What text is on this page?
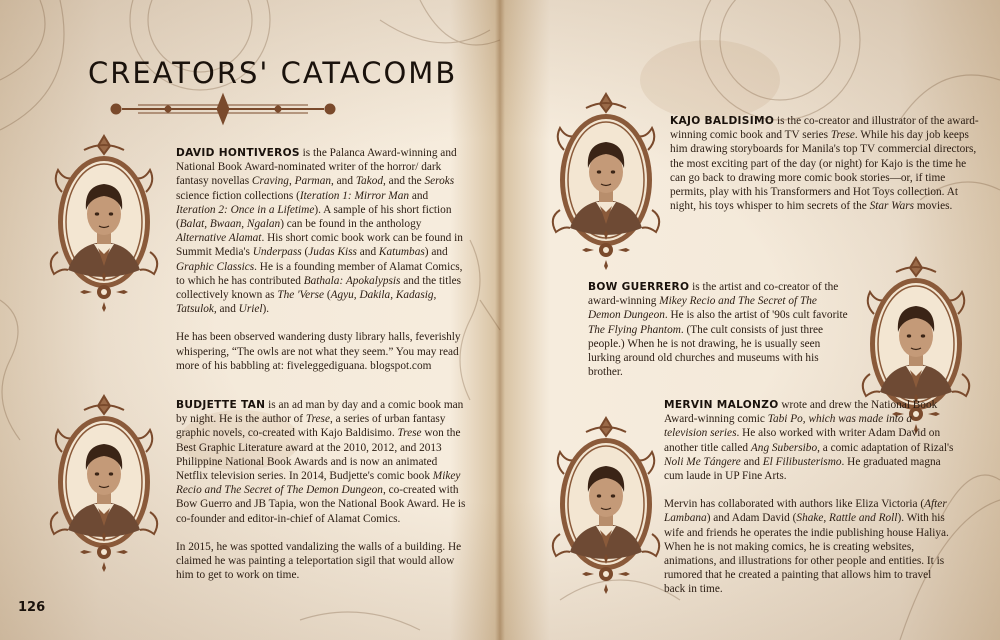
CREATORS' CATACOMB

DAVID HONTIVEROS is the Palanca Award-winning and National Book Award-nominated writer of the horror/ dark fantasy novellas Craving, Parman, and Takod, and the Seroks science fiction collections (Iteration 1: Mirror Man and Iteration 2: Once in a Lifetime). A sample of his short fiction (Balat, Bwaan, Ngalan) can be found in the anthology Alternative Alamat. His short comic book work can be found in Summit Media's Underpass (Judas Kiss and Katumbas) and Graphic Classics. He is a founding member of Alamat Comics, to which he has contributed Bathala: Apokalypsis and the titles collectively known as The 'Verse (Agyu, Dakila, Kadasig, Tatsulok, and Uriel).

He has been observed wandering dusty library halls, feverishly whispering, “The owls are not what they seem.” You may read more of his babbling at: fiveleggediguana. blogspot.com

BUDJETTE TAN is an ad man by day and a comic book man by night. He is the author of Trese, a series of urban fantasy graphic novels, co-created with Kajo Baldisimo. Trese won the Best Graphic Literature award at the 2010, 2012, and 2013 Philippine National Book Awards and is now an animated Netflix television series. In 2014, Budjette's comic book Mikey Recio and The Secret of The Demon Dungeon, co-created with Bow Guerro and JB Tapia, won the National Book Award. He is co-founder and editor-in-chief of Alamat Comics.

In 2015, he was spotted vandalizing the walls of a building. He claimed he was painting a teleportation sigil that would allow him to get to work on time.

126

KAJO BALDISIMO is the co-creator and illustrator of the award-winning comic book and TV series Trese. While his day job keeps him drawing storyboards for Manila's top TV commercial directors, the most exciting part of the day (or night) for Kajo is the time he can go back to drawing more comic book stories—or, if time permits, play with his Transformers and Hot Toys collection. At night, his toys whisper to him secrets of the Star Wars movies.

BOW GUERRERO is the artist and co-creator of the award-winning Mikey Recio and The Secret of The Demon Dungeon. He is also the artist of '90s cult favorite The Flying Phantom. (The cult consists of just three people.) When he is not drawing, he is usually seen lurking around old churches and museums with his brother.

MERVIN MALONZO wrote and drew the National Book Award-winning comic Tabi Po, which was made into a television series. He also worked with writer Adam David on another title called Ang Subersibo, a comic adaptation of Rizal's Noli Me Tángere and El Filibusterismo. He graduated magna cum laude in UP Fine Arts.

Mervin has collaborated with authors like Eliza Victoria (After Lambana) and Adam David (Shake, Rattle and Roll). With his wife and friends he operates the indie publishing house Haliya. When he is not making comics, he is creating websites, animations, and illustrations for other people and entities. It is rumored that he created a painting that allows him to travel back in time.
